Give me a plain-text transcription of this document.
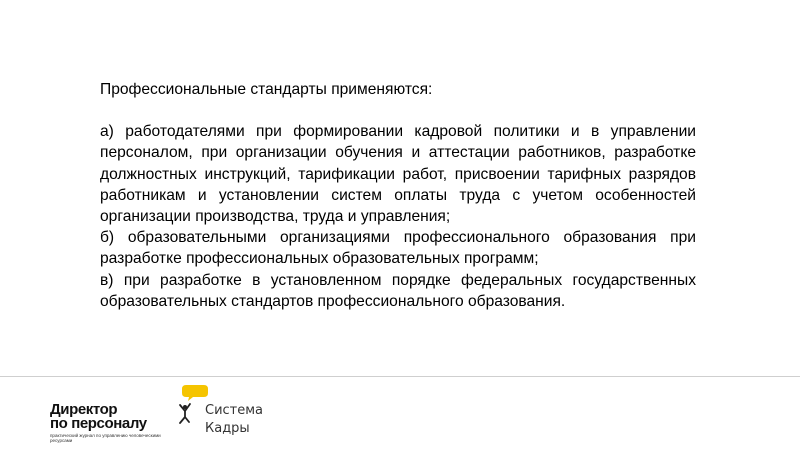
Профессиональные стандарты применяются:

а) работодателями при формировании кадровой политики и в управлении персоналом, при организации обучения и аттестации работников, разработке должностных инструкций, тарификации работ, присвоении тарифных разрядов работникам и установлении систем оплаты труда с учетом особенностей организации производства, труда и управления;

б) образовательными организациями профессионального образования при разработке профессиональных образовательных программ;

в) при разработке в установленном порядке федеральных государственных образовательных стандартов профессионального образования.

Директор
по персоналу
практический журнал по управлению человеческими ресурсами
Система
Кадры
